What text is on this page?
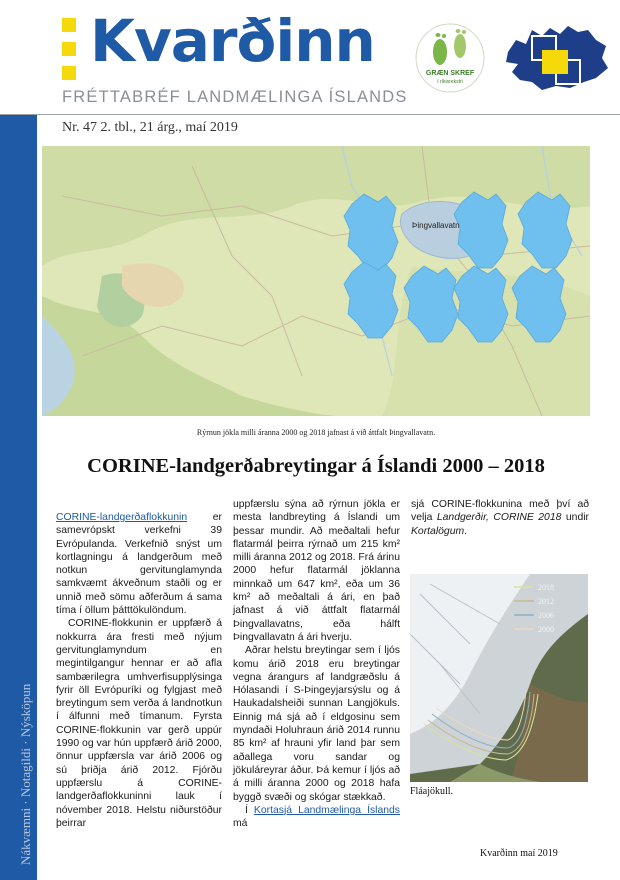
Kvarðinn
FRÉTTABRÉF LANDMÆLINGA ÍSLANDS
GRÆN SKREF
í ríkisrekstri
Nákvæmni · Notagildi · Nýsköpun
Nr. 47 2. tbl., 21 árg., maí 2019
Þingvallavatn
Rýrnun jökla milli áranna 2000 og 2018 jafnast á við áttfalt Þingvallavatn.
CORINE-landgerðabreytingar á Íslandi 2000 – 2018

CORINE-landgerðaflokkunin er samevrópskt verkefni 39 Evrópulanda. Verkefnið snýst um kortlagningu á landgerðum með notkun gervitunglamynda samkvæmt ákveðnum staðli og er unnið með sömu aðferðum á sama tíma í öllum þátttökulöndum.

CORINE-flokkunin er uppfærð á nokkurra ára fresti með nýjum gervitunglamyndum en megintilgangur hennar er að afla sambærilegra umhverfisupplýsinga fyrir öll Evrópuríki og fylgjast með breytingum sem verða á landnotkun í álfunni með tímanum. Fyrsta CORINE-flokkunin var gerð uppúr 1990 og var hún uppfærð árið 2000, önnur uppfærsla var árið 2006 og sú þriðja árið 2012. Fjórðu uppfærslu á CORINE-landgerðaflokkuninni lauk í nóvember 2018. Helstu niðurstöður þeirrar

uppfærslu sýna að rýrnun jökla er mesta landbreyting á Íslandi um þessar mundir. Að meðaltali hefur flatarmál þeirra rýrnað um 215 km² milli áranna 2012 og 2018. Frá árinu 2000 hefur flatarmál jöklanna minnkað um 647 km², eða um 36 km² að meðaltali á ári, en það jafnast á við áttfalt flatarmál Þingvallavatns, eða hálft Þingvallavatn á ári hverju.

Aðrar helstu breytingar sem í ljós komu árið 2018 eru breytingar vegna árangurs af landgræðslu á Hólasandi í S-Þingeyjarsýslu og á Haukadalsheiði sunnan Langjökuls. Einnig má sjá að í eldgosinu sem myndaði Holuhraun árið 2014 runnu 85 km² af hrauni yfir land þar sem aðallega voru sandar og jökuláreyrar áður. Þá kemur í ljós að á milli áranna 2000 og 2018 hafa byggð svæði og skógar stækkað.

Í Kortasjá Landmælinga Íslands má

sjá CORINE-flokkunina með því að velja Landgerðir, CORINE 2018 undir Kortalögum.

2018
2012
2006
2000
Fláajökull.
Kvarðinn maí 2019
